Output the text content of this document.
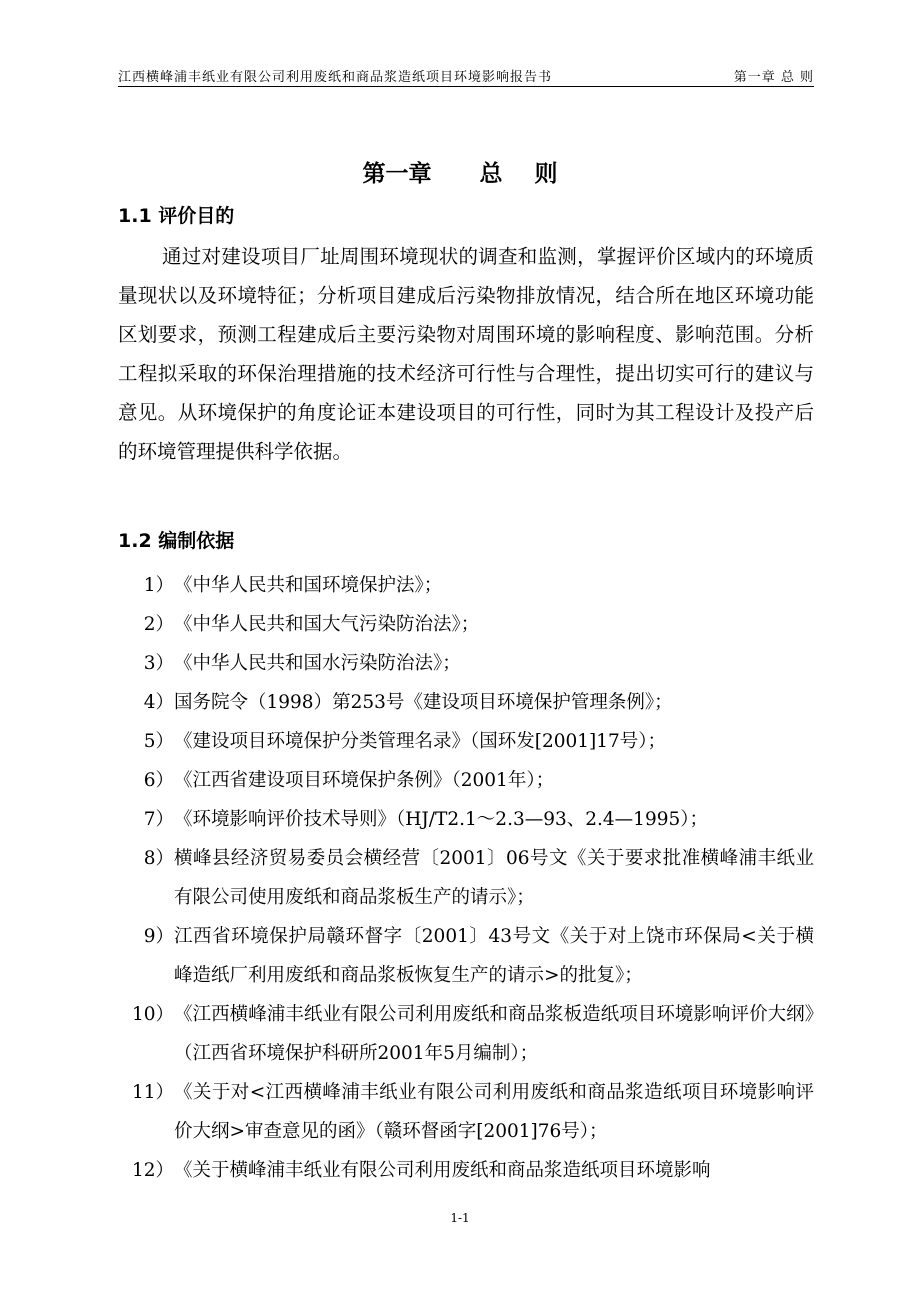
江西横峰浦丰纸业有限公司利用废纸和商品浆造纸项目环境影响报告书	第一章 总 则
第一章      总    则
1.1 评价目的
通过对建设项目厂址周围环境现状的调查和监测，掌握评价区域内的环境质量现状以及环境特征；分析项目建成后污染物排放情况，结合所在地区环境功能区划要求，预测工程建成后主要污染物对周围环境的影响程度、影响范围。分析工程拟采取的环保治理措施的技术经济可行性与合理性，提出切实可行的建议与意见。从环境保护的角度论证本建设项目的可行性，同时为其工程设计及投产后的环境管理提供科学依据。
1.2 编制依据
1） 《中华人民共和国环境保护法》；
2） 《中华人民共和国大气污染防治法》；
3） 《中华人民共和国水污染防治法》；
4） 国务院令（1998）第253号《建设项目环境保护管理条例》；
5） 《建设项目环境保护分类管理名录》（国环发[2001]17号）；
6） 《江西省建设项目环境保护条例》（2001年）；
7） 《环境影响评价技术导则》（HJ/T2.1～2.3—93、2.4—1995）；
8） 横峰县经济贸易委员会横经营〔2001〕06号文《关于要求批准横峰浦丰纸业有限公司使用废纸和商品浆板生产的请示》；
9） 江西省环境保护局赣环督字〔2001〕43号文《关于对上饶市环保局<关于横峰造纸厂利用废纸和商品浆板恢复生产的请示>的批复》；
10） 《江西横峰浦丰纸业有限公司利用废纸和商品浆板造纸项目环境影响评价大纲》（江西省环境保护科研所2001年5月编制）；
11） 《关于对<江西横峰浦丰纸业有限公司利用废纸和商品浆造纸项目环境影响评价大纲>审查意见的函》（赣环督函字[2001]76号）；
12） 《关于横峰浦丰纸业有限公司利用废纸和商品浆造纸项目环境影响
1-1
